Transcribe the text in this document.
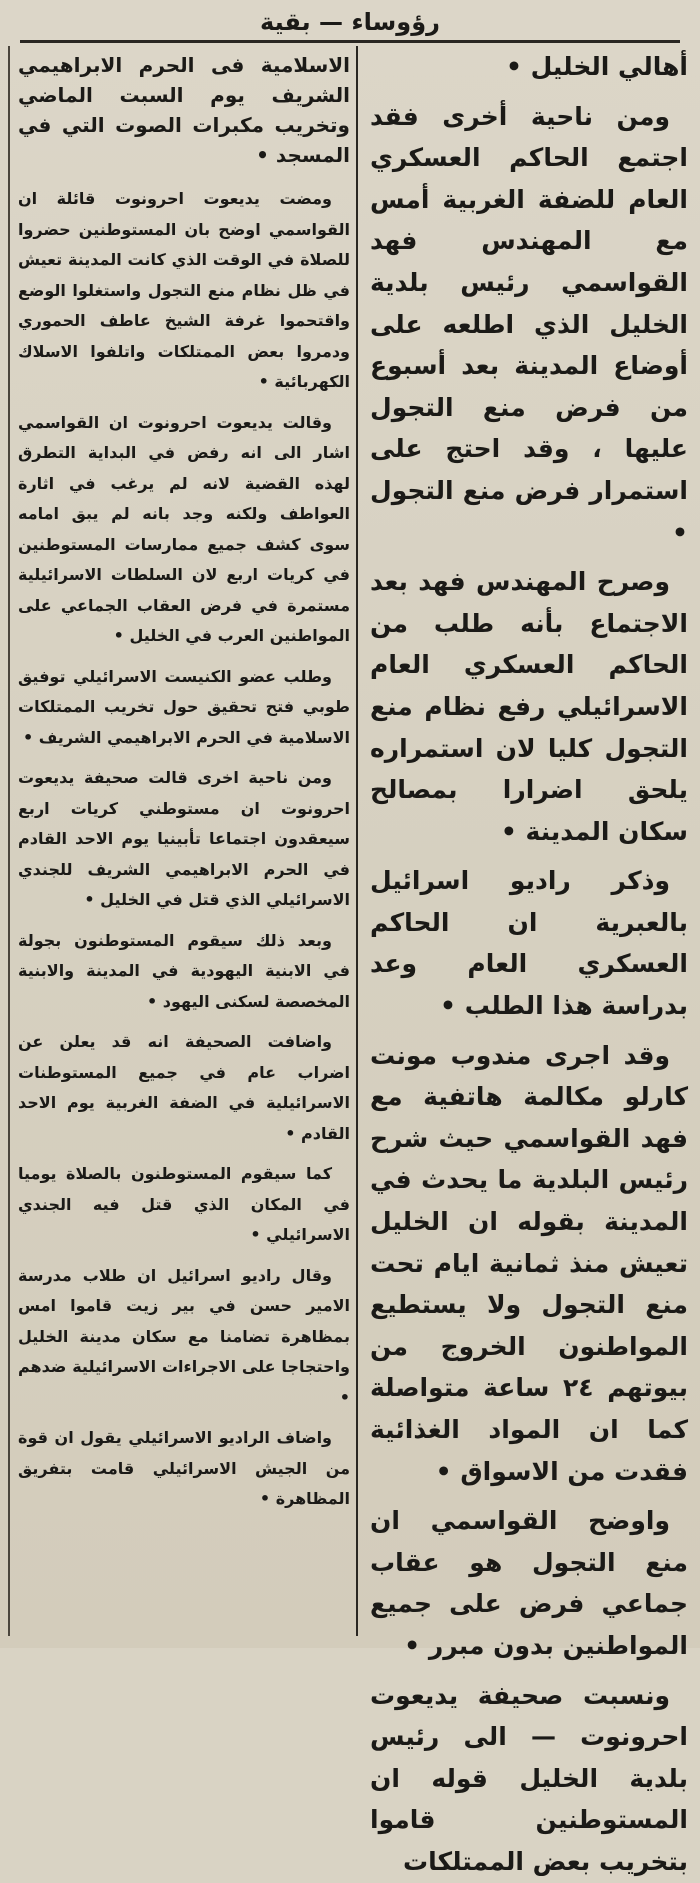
رؤوساء — بقية

أهالي الخليل •

ومن ناحية أخرى فقد اجتمع الحاكم العسكري العام للضفة الغربية أمس مع المهندس فهد القواسمي رئيس بلدية الخليل الذي اطلعه على أوضاع المدينة بعد أسبوع من فرض منع التجول عليها ، وقد احتج على استمرار فرض منع التجول •

وصرح المهندس فهد بعد الاجتماع بأنه طلب من الحاكم العسكري العام الاسرائيلي رفع نظام منع التجول كليا لان استمراره يلحق اضرارا بمصالح سكان المدينة •

وذكر راديو اسرائيل بالعبرية ان الحاكم العسكري العام وعد بدراسة هذا الطلب •

وقد اجرى مندوب مونت كارلو مكالمة هاتفية مع فهد القواسمي حيث شرح رئيس البلدية ما يحدث في المدينة بقوله ان الخليل تعيش منذ ثمانية ايام تحت منع التجول ولا يستطيع المواطنون الخروج من بيوتهم ٢٤ ساعة متواصلة كما ان المواد الغذائية فقدت من الاسواق •

واوضح القواسمي ان منع التجول هو عقاب جماعي فرض على جميع المواطنين بدون مبرر •

ونسبت صحيفة يديعوت احرونوت — الى رئيس بلدية الخليل قوله ان المستوطنين قاموا بتخريب بعض الممتلكات

الاسلامية فى الحرم الابراهيمي الشريف يوم السبت الماضي وتخريب مكبرات الصوت التي في المسجد •

ومضت يديعوت احرونوت قائلة ان القواسمي اوضح بان المستوطنين حضروا للصلاة في الوقت الذي كانت المدينة تعيش في ظل نظام منع التجول واستغلوا الوضع واقتحموا غرفة الشيخ عاطف الحموري ودمروا بعض الممتلكات واتلفوا الاسلاك الكهربائية •

وقالت يديعوت احرونوت ان القواسمي اشار الى انه رفض في البداية التطرق لهذه القضية لانه لم يرغب في اثارة العواطف ولكنه وجد بانه لم يبق امامه سوى كشف جميع ممارسات المستوطنين في كريات اربع لان السلطات الاسرائيلية مستمرة في فرض العقاب الجماعي على المواطنين العرب في الخليل •

وطلب عضو الكنيست الاسرائيلي توفيق طوبي فتح تحقيق حول تخريب الممتلكات الاسلامية في الحرم الابراهيمي الشريف •

ومن ناحية اخرى قالت صحيفة يديعوت احرونوت ان مستوطني كريات اربع سيعقدون اجتماعا تأبينيا يوم الاحد القادم في الحرم الابراهيمي الشريف للجندي الاسرائيلي الذي قتل في الخليل •

وبعد ذلك سيقوم المستوطنون بجولة في الابنية اليهودية في المدينة والابنية المخصصة لسكنى اليهود •

واضافت الصحيفة انه قد يعلن عن اضراب عام في جميع المستوطنات الاسرائيلية في الضفة الغربية يوم الاحد القادم •

كما سيقوم المستوطنون بالصلاة يوميا في المكان الذي قتل فيه الجندي الاسرائيلي •

وقال راديو اسرائيل ان طلاب مدرسة الامير حسن في بير زيت قاموا امس بمظاهرة تضامنا مع سكان مدينة الخليل واحتجاجا على الاجراءات الاسرائيلية ضدهم •

واضاف الراديو الاسرائيلي يقول ان قوة من الجيش الاسرائيلي قامت بتفريق المظاهرة •
